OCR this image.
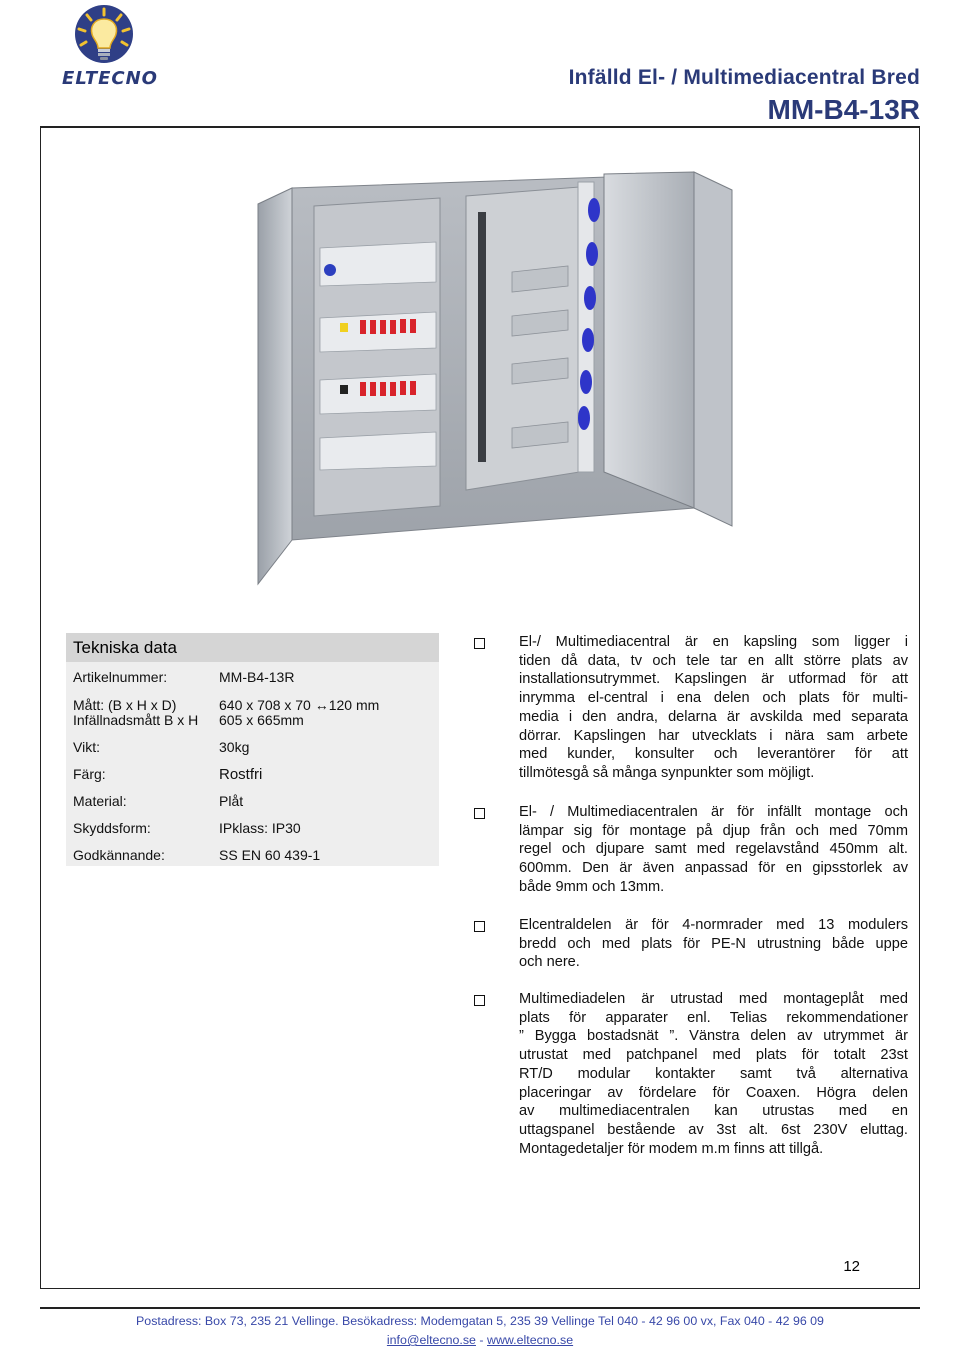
ELTECNO	Infälld El- / Multimediacentral Bred
MM-B4-13R
Tekniska data
Artikelnummer:	MM-B4-13R
Mått: (B x H x D)	640 x 708 x 70 ↔120 mm
Infällnadsmått B x H 605 x 665mm
Vikt:	30kg
Färg:	Rostfri
Material:	Plåt
Skyddsform:	IPklass: IP30
Godkännande:	SS EN 60 439-1
El-/ Multimediacentral är en kapsling som ligger i
tiden då data, tv och tele tar en allt större plats av
installationsutrymmet. Kapslingen är utformad för att
inrymma el-central i ena delen och plats för multi-
media i den andra, delarna är avskilda med separata
dörrar. Kapslingen har utvecklats i nära sam arbete
med kunder, konsulter och leverantörer för att
tillmötesgå så många synpunkter som möjligt.
El- / Multimediacentralen är för infällt montage och
lämpar sig för montage på djup från och med 70mm
regel och djupare samt med regelavstånd 450mm alt.
600mm. Den är även anpassad för en gipsstorlek av
både 9mm och 13mm.
Elcentraldelen är för 4-normrader med 13 modulers
bredd och med plats för PE-N utrustning både uppe
och nere.
Multimediadelen är utrustad med montageplåt med
plats för apparater enl. Telias rekommendationer
” Bygga bostadsnät ”. Vänstra delen av utrymmet är
utrustat med patchpanel med plats för totalt 23st
RT/D modular kontakter samt två alternativa
placeringar av fördelare för Coaxen. Högra delen
av multimediacentralen kan utrustas med en
uttagspanel bestående av 3st alt. 6st 230V eluttag.
Montagedetaljer för modem m.m finns att tillgå.
12
Postadress: Box 73, 235 21 Vellinge. Besökadress: Modemgatan 5, 235 39 Vellinge Tel 040 - 42 96 00 vx, Fax 040 - 42 96 09
info@eltecno.se - www.eltecno.se
